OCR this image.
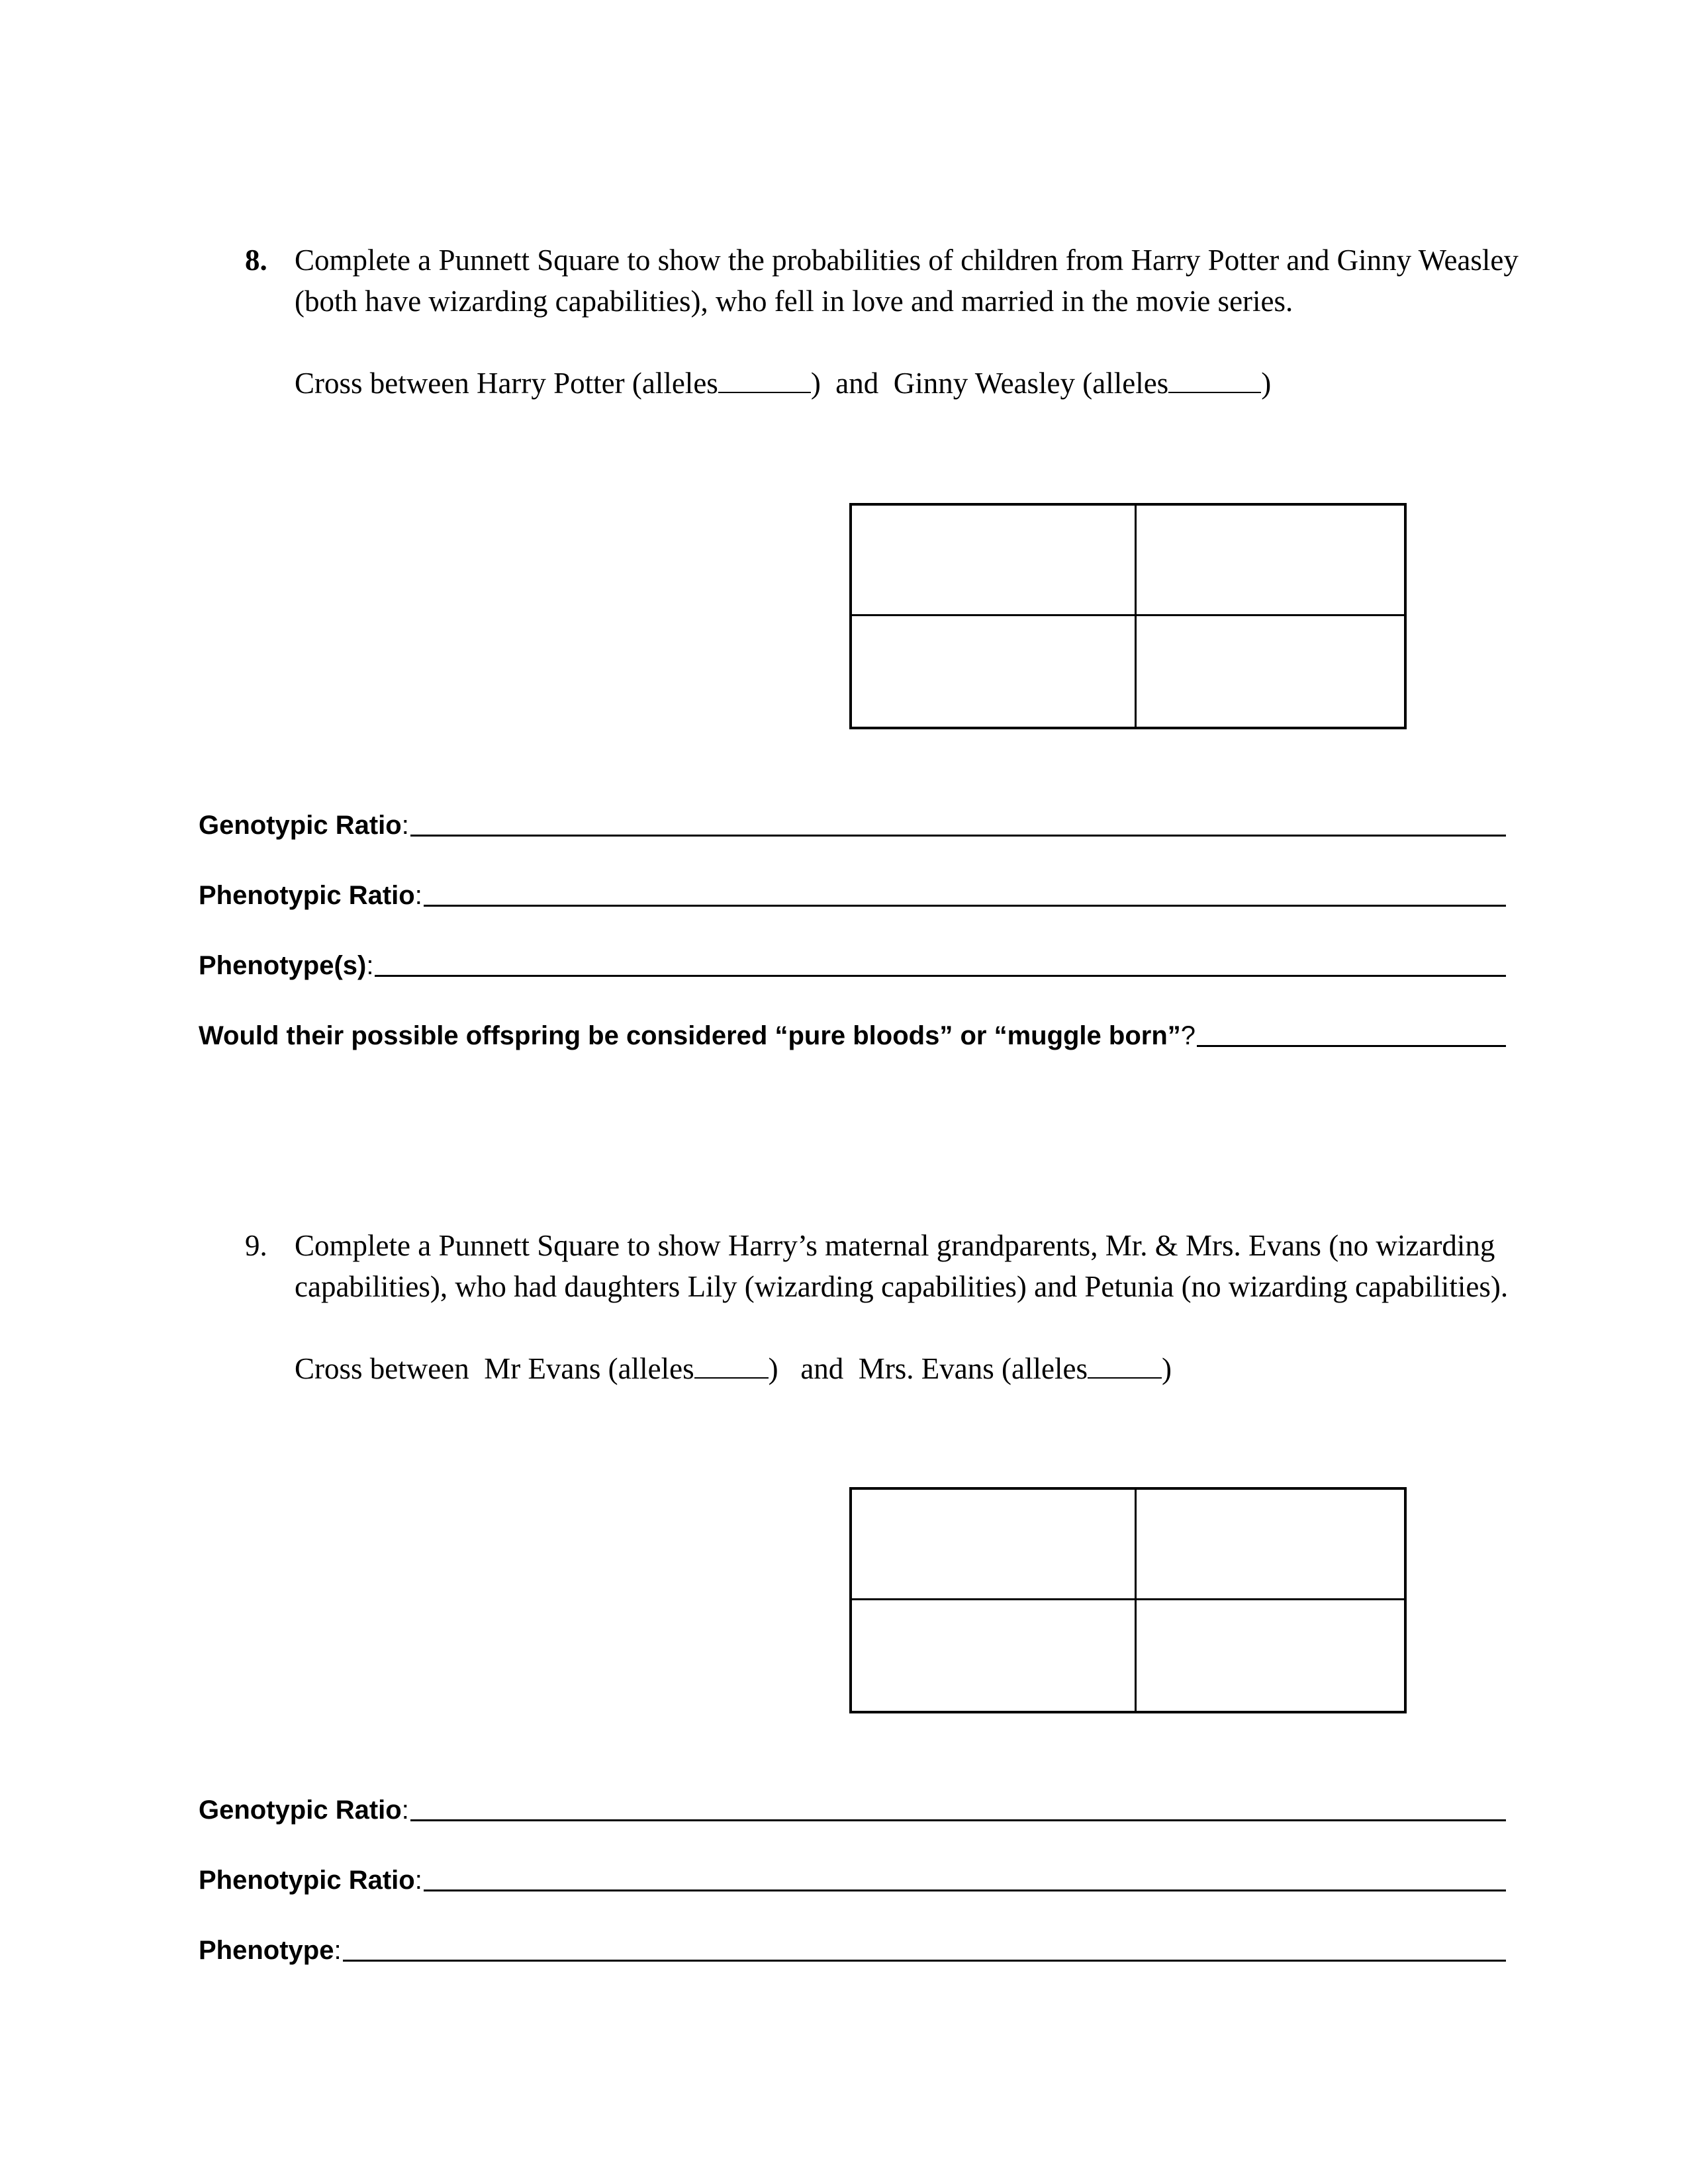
8. Complete a Punnett Square to show the probabilities of children from Harry Potter and Ginny Weasley

(both have wizarding capabilities), who fell in love and married in the movie series.

Cross between Harry Potter (alleles	)  and  Ginny Weasley (alleles	)
Genotypic Ratio :
Phenotypic Ratio :
Phenotype(s) :
Would their possible offspring be considered “pure bloods” or “muggle born” ?
9. Complete a Punnett Square to show Harry’s maternal grandparents, Mr. & Mrs. Evans (no wizarding

capabilities), who had daughters Lily (wizarding capabilities) and Petunia (no wizarding capabilities).

Cross between  Mr Evans (alleles )   and  Mrs. Evans (alleles )
Genotypic Ratio :
Phenotypic Ratio :
Phenotype :
